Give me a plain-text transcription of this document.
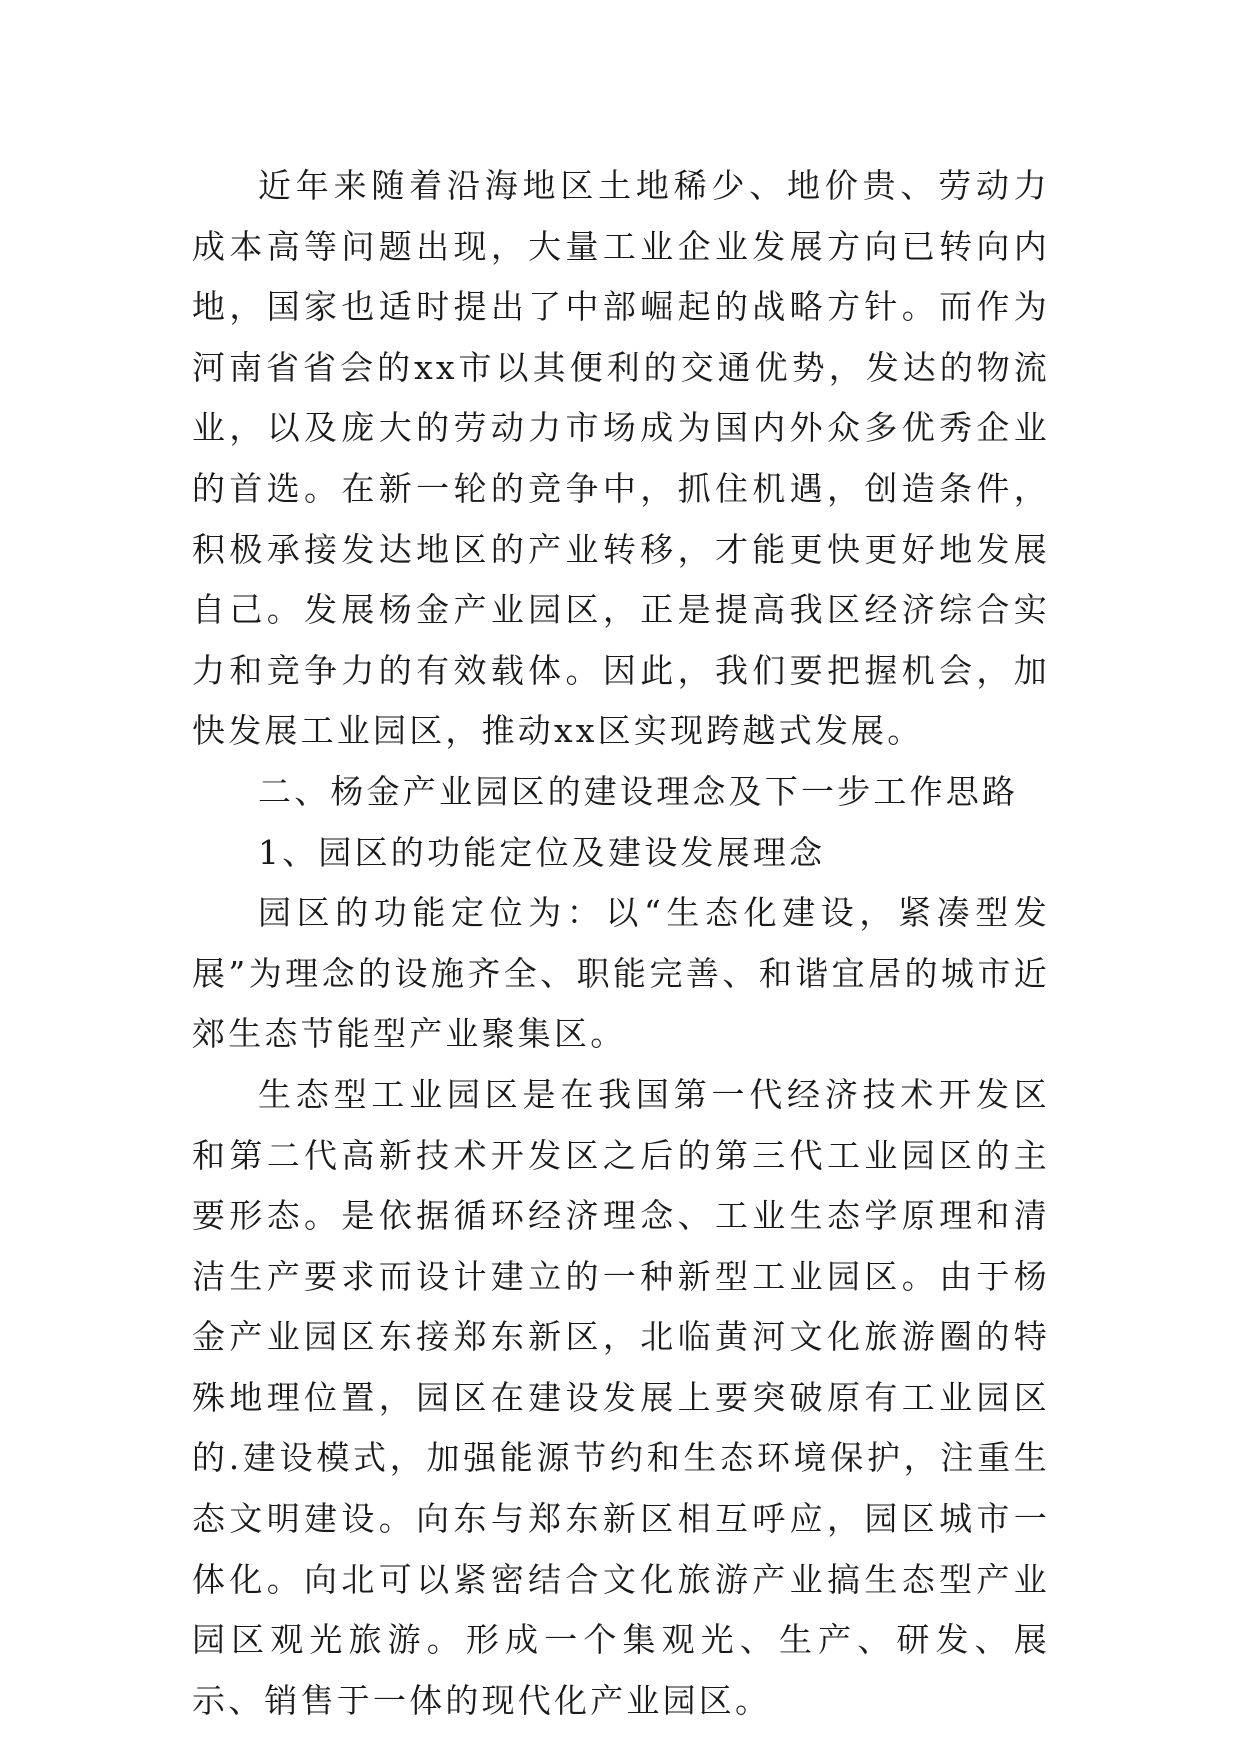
近年来随着沿海地区土地稀少、地价贵、劳动力成本高等问题出现，大量工业企业发展方向已转向内地，国家也适时提出了中部崛起的战略方针。而作为河南省省会的xx市以其便利的交通优势，发达的物流业，以及庞大的劳动力市场成为国内外众多优秀企业的首选。在新一轮的竞争中，抓住机遇，创造条件，积极承接发达地区的产业转移，才能更快更好地发展自己。发展杨金产业园区，正是提高我区经济综合实力和竞争力的有效载体。因此，我们要把握机会，加快发展工业园区，推动xx区实现跨越式发展。

二、杨金产业园区的建设理念及下一步工作思路

1、园区的功能定位及建设发展理念

园区的功能定位为：以“生态化建设，紧凑型发展”为理念的设施齐全、职能完善、和谐宜居的城市近郊生态节能型产业聚集区。

生态型工业园区是在我国第一代经济技术开发区和第二代高新技术开发区之后的第三代工业园区的主要形态。是依据循环经济理念、工业生态学原理和清洁生产要求而设计建立的一种新型工业园区。由于杨金产业园区东接郑东新区，北临黄河文化旅游圈的特殊地理位置，园区在建设发展上要突破原有工业园区的.建设模式，加强能源节约和生态环境保护，注重生态文明建设。向东与郑东新区相互呼应，园区城市一体化。向北可以紧密结合文化旅游产业搞生态型产业园区观光旅游。形成一个集观光、生产、研发、展示、销售于一体的现代化产业园区。
